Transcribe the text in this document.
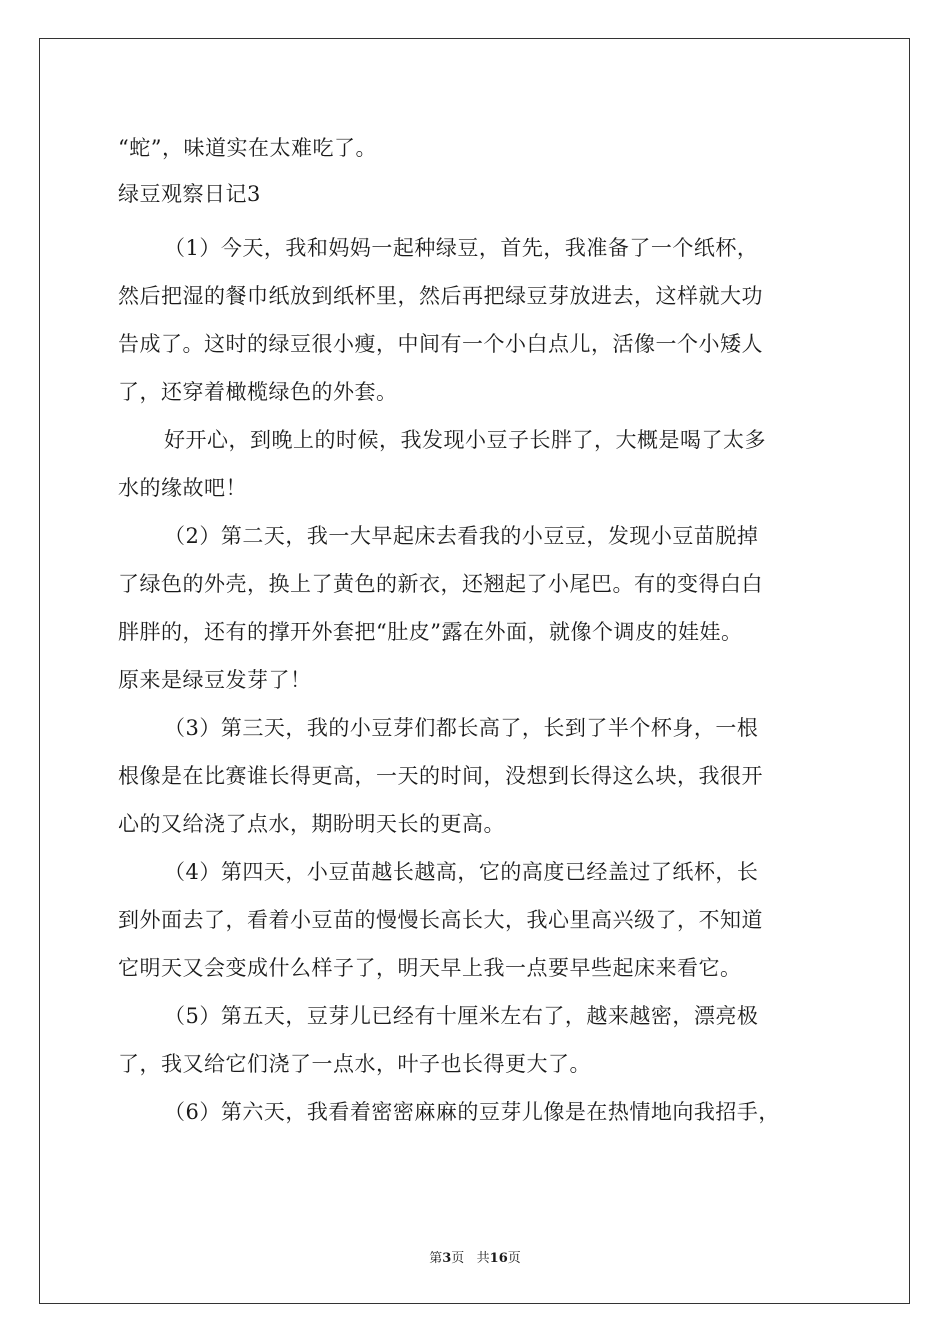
“蛇”，味道实在太难吃了。
绿豆观察日记3
（1）今天，我和妈妈一起种绿豆，首先，我准备了一个纸杯，
然后把湿的餐巾纸放到纸杯里，然后再把绿豆芽放进去，这样就大功
告成了。这时的绿豆很小瘦，中间有一个小白点儿，活像一个小矮人
了，还穿着橄榄绿色的外套。
好开心，到晚上的时候，我发现小豆子长胖了，大概是喝了太多
水的缘故吧！
（2）第二天，我一大早起床去看我的小豆豆，发现小豆苗脱掉
了绿色的外壳，换上了黄色的新衣，还翘起了小尾巴。有的变得白白
胖胖的，还有的撑开外套把“肚皮”露在外面，就像个调皮的娃娃。
原来是绿豆发芽了！
（3）第三天，我的小豆芽们都长高了，长到了半个杯身，一根
根像是在比赛谁长得更高，一天的时间，没想到长得这么块，我很开
心的又给浇了点水，期盼明天长的更高。
（4）第四天，小豆苗越长越高，它的高度已经盖过了纸杯，长
到外面去了，看着小豆苗的慢慢长高长大，我心里高兴级了，不知道
它明天又会变成什么样子了，明天早上我一点要早些起床来看它。
（5）第五天，豆芽儿已经有十厘米左右了，越来越密，漂亮极
了，我又给它们浇了一点水，叶子也长得更大了。
（6）第六天，我看着密密麻麻的豆芽儿像是在热情地向我招手，
第3页   共16页
